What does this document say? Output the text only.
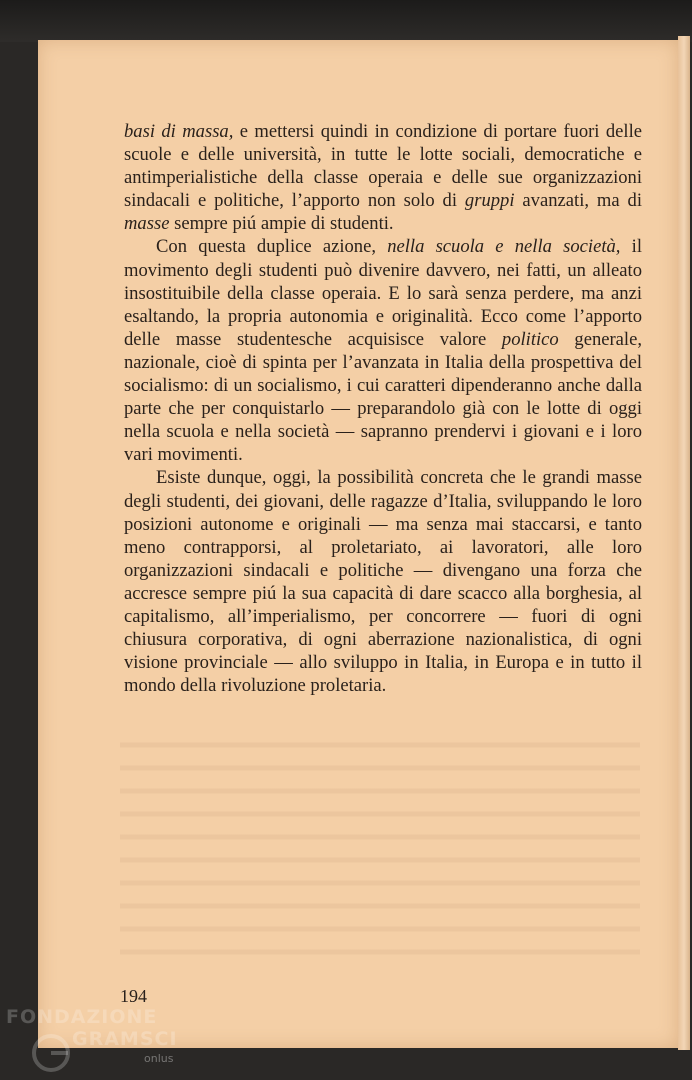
basi di massa, e mettersi quindi in condizione di portare fuori delle scuole e delle università, in tutte le lotte sociali, democratiche e antimperialistiche della classe operaia e delle sue organizzazioni sindacali e politiche, l’apporto non solo di gruppi avanzati, ma di masse sempre piú ampie di studenti.

Con questa duplice azione, nella scuola e nella società, il movimento degli studenti può divenire davvero, nei fatti, un alleato insostituibile della classe operaia. E lo sarà senza perdere, ma anzi esaltando, la propria autonomia e originalità. Ecco come l’apporto delle masse studentesche acquisisce valore politico generale, nazionale, cioè di spinta per l’avanzata in Italia della prospettiva del socialismo: di un socialismo, i cui caratteri dipenderanno anche dalla parte che per conquistarlo — preparandolo già con le lotte di oggi nella scuola e nella società — sapranno prendervi i giovani e i loro vari movimenti.

Esiste dunque, oggi, la possibilità concreta che le grandi masse degli studenti, dei giovani, delle ragazze d’Italia, sviluppando le loro posizioni autonome e originali — ma senza mai staccarsi, e tanto meno contrapporsi, al proletariato, ai lavoratori, alle loro organizzazioni sindacali e politiche — divengano una forza che accresce sempre piú la sua capacità di dare scacco alla borghesia, al capitalismo, all’imperialismo, per concorrere — fuori di ogni chiusura corporativa, di ogni aberrazione nazionalistica, di ogni visione provinciale — allo sviluppo in Italia, in Europa e in tutto il mondo della rivoluzione proletaria.

194
FONDAZIONE
GRAMSCI
onlus
